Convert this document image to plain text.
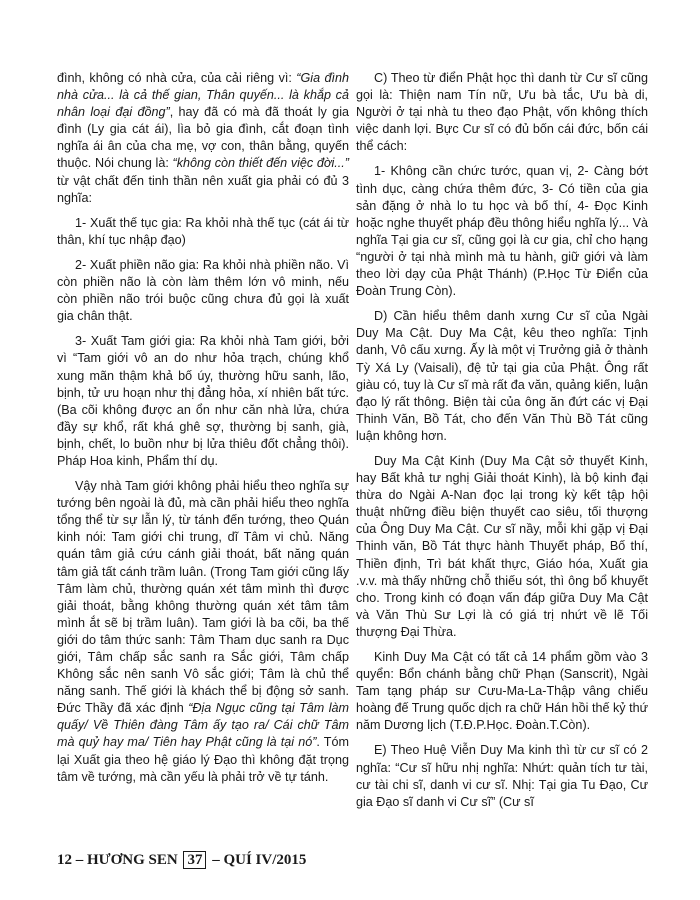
đình, không có nhà cửa, của cải riêng vì: “Gia đình nhà cửa... là cả thế gian, Thân quyến... là khắp cả nhân loại đại đồng”, hay đã có mà đã thoát ly gia đình (Ly gia cát ái), lìa bỏ gia đình, cắt đoạn tình nghĩa ái ân của cha mẹ, vợ con, thân bằng, quyến thuộc. Nói chung là: “không còn thiết đến việc đời...” từ vật chất đến tinh thần nên xuất gia phải có đủ 3 nghĩa:

1- Xuất thế tục gia: Ra khỏi nhà thế tục (cát ái từ thân, khí tục nhập đạo)

2- Xuất phiền não gia: Ra khỏi nhà phiền não. Vì còn phiền não là còn làm thêm lớn vô minh, nếu còn phiền não trói buộc cũng chưa đủ gọi là xuất gia chân thật.

3- Xuất Tam giới gia: Ra khỏi nhà Tam giới, bởi vì “Tam giới vô an do như hỏa trạch, chúng khổ xung mãn thậm khả bố úy, thường hữu sanh, lão, bịnh, tử ưu hoạn như thị đẳng hỏa, xí nhiên bất tức. (Ba cõi không được an ổn như căn nhà lửa, chứa đầy sự khổ, rất khá ghê sợ, thường bị sanh, già, bịnh, chết, lo buồn như bị lửa thiêu đốt chẳng thôi). Pháp Hoa kinh, Phẩm thí dụ.

Vậy nhà Tam giới không phải hiểu theo nghĩa sự tướng bên ngoài là đủ, mà cần phải hiểu theo nghĩa tổng thể từ sự lẫn lý, từ tánh đến tướng, theo Quán kinh nói: Tam giới chi trung, dĩ Tâm vi chủ. Năng quán tâm giả cứu cánh giải thoát, bất năng quán tâm giả tất cánh trầm luân. (Trong Tam giới cũng lấy Tâm làm chủ, thường quán xét tâm mình thì được giải thoát, bằng không thường quán xét tâm tâm mình ắt sẽ bị trầm luân). Tam giới là ba cõi, ba thế giới do tâm thức sanh: Tâm Tham dục sanh ra Dục giới, Tâm chấp sắc sanh ra Sắc giới, Tâm chấp Không sắc nên sanh Vô sắc giới; Tâm là chủ thể năng sanh. Thế giới là khách thể bị động sở sanh. Đức Thầy đã xác định “Địa Ngục cũng tại Tâm làm quấy/ Về Thiên đàng Tâm ấy tạo ra/ Cái chữ Tâm mà quỷ hay ma/ Tiên hay Phật cũng là tại nó”. Tóm lại Xuất gia theo hệ giáo lý Đạo thì không đặt trọng tâm về tướng, mà cần yếu là phải trở về tự tánh.

C) Theo từ điển Phật học thì danh từ Cư sĩ cũng gọi là: Thiện nam Tín nữ, Ưu bà tắc, Ưu bà di, Người ở tại nhà tu theo đạo Phật, vốn không thích việc danh lợi. Bực Cư sĩ có đủ bốn cái đức, bốn cái thể cách:

1- Không cần chức tước, quan vị, 2- Càng bớt tình dục, càng chứa thêm đức, 3- Có tiền của gia sản đặng ở nhà lo tu học và bố thí, 4- Đọc Kinh hoặc nghe thuyết pháp đều thông hiểu nghĩa lý... Và nghĩa Tại gia cư sĩ, cũng gọi là cư gia, chỉ cho hạng “người ở tại nhà mình mà tu hành, giữ giới và làm theo lời dạy của Phật Thánh) (P.Học Từ Điển của Đoàn Trung Còn).

D) Cần hiểu thêm danh xưng Cư sĩ của Ngài Duy Ma Cật. Duy Ma Cật, kêu theo nghĩa: Tịnh danh, Vô cấu xưng. Ấy là một vị Trưởng giả ở thành Tỳ Xá Ly (Vaisali), đệ tử tại gia của Phật. Ông rất giàu có, tuy là Cư sĩ mà rất đa văn, quảng kiến, luận đạo lý rất thông. Biện tài của ông ăn đứt các vị Đại Thinh Văn, Bồ Tát, cho đến Văn Thù Bồ Tát cũng luận không hơn.

Duy Ma Cật Kinh (Duy Ma Cật sở thuyết Kinh, hay Bất khả tư nghị Giải thoát Kinh), là bộ kinh đại thừa do Ngài A-Nan đọc lại trong kỳ kết tập hội thuật những điều biện thuyết cao siêu, tối thượng của Ông Duy Ma Cật. Cư sĩ nầy, mỗi khi gặp vị Đại Thinh văn, Bồ Tát thực hành Thuyết pháp, Bố thí, Thiền định, Trì bát khất thực, Giáo hóa, Xuất gia .v.v. mà thấy những chỗ thiếu sót, thì ông bổ khuyết cho. Trong kinh có đoạn vấn đáp giữa Duy Ma Cật và Văn Thù Sư Lợi là có giá trị nhứt về lẽ Tối thượng Đại Thừa.

Kinh Duy Ma Cật có tất cả 14 phẩm gồm vào 3 quyển: Bổn chánh bằng chữ Phạn (Sanscrit), Ngài Tam tạng pháp sư Cưu-Ma-La-Thập vâng chiếu hoàng đế Trung quốc dịch ra chữ Hán hồi thế kỷ thứ năm Dương lịch (T.Đ.P.Học. Đoàn.T.Còn).

E) Theo Huệ Viễn Duy Ma kinh thì từ cư sĩ có 2 nghĩa: “Cư sĩ hữu nhị nghĩa: Nhứt: quản tích tư tài, cư tài chi sĩ, danh vi cư sĩ. Nhị: Tại gia Tu Đạo, Cư gia Đạo sĩ danh vi Cư sĩ” (Cư sĩ

12 – HƯƠNG SEN 37 – QUÍ IV/2015
